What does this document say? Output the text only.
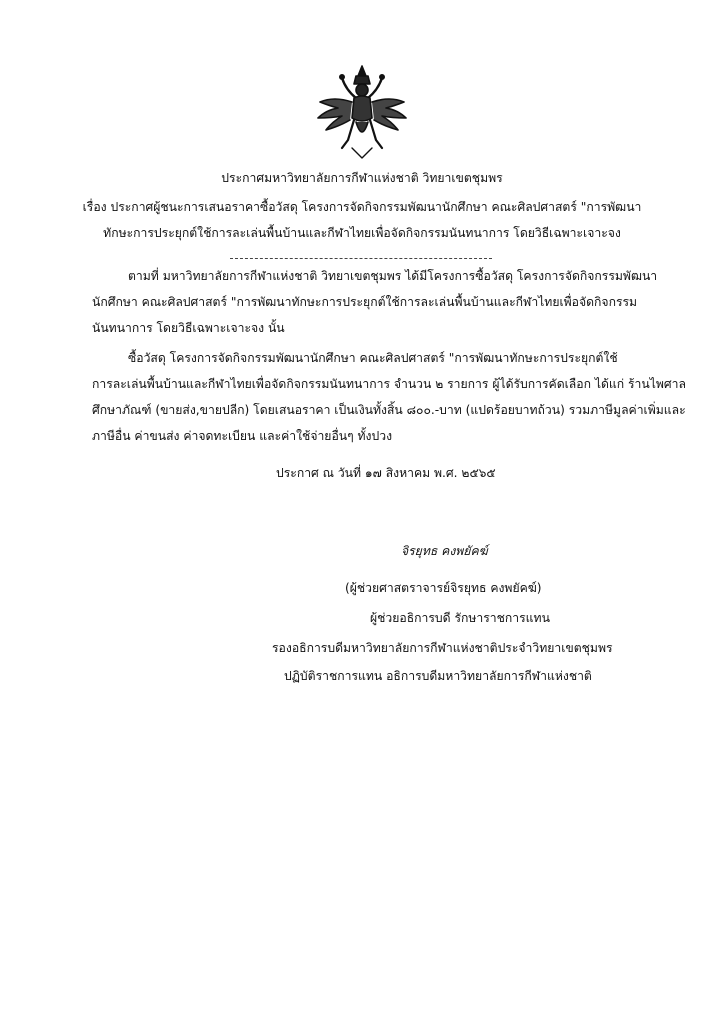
ประกาศมหาวิทยาลัยการกีฬาแห่งชาติ วิทยาเขตชุมพร
เรื่อง ประกาศผู้ชนะการเสนอราคาซื้อวัสดุ โครงการจัดกิจกรรมพัฒนานักศึกษา คณะศิลปศาสตร์ "การพัฒนา
ทักษะการประยุกต์ใช้การละเล่นพื้นบ้านและกีฬาไทยเพื่อจัดกิจกรรมนันทนาการ โดยวิธีเฉพาะเจาะจง
ตามที่ มหาวิทยาลัยการกีฬาแห่งชาติ วิทยาเขตชุมพร ได้มีโครงการซื้อวัสดุ โครงการจัดกิจกรรมพัฒนา
นักศึกษา คณะศิลปศาสตร์ "การพัฒนาทักษะการประยุกต์ใช้การละเล่นพื้นบ้านและกีฬาไทยเพื่อจัดกิจกรรม
นันทนาการ โดยวิธีเฉพาะเจาะจง นั้น
ซื้อวัสดุ โครงการจัดกิจกรรมพัฒนานักศึกษา คณะศิลปศาสตร์ "การพัฒนาทักษะการประยุกต์ใช้
การละเล่นพื้นบ้านและกีฬาไทยเพื่อจัดกิจกรรมนันทนาการ จำนวน ๒ รายการ ผู้ได้รับการคัดเลือก ได้แก่ ร้านไพศาล
ศึกษาภัณฑ์ (ขายส่ง,ขายปลีก) โดยเสนอราคา เป็นเงินทั้งสิ้น ๘๐๐.-บาท (แปดร้อยบาทถ้วน) รวมภาษีมูลค่าเพิ่มและ
ภาษีอื่น ค่าขนส่ง ค่าจดทะเบียน และค่าใช้จ่ายอื่นๆ ทั้งปวง
ประกาศ ณ วันที่ ๑๗ สิงหาคม พ.ศ. ๒๕๖๕
จิรยุทธ คงพยัคฆ์
(ผู้ช่วยศาสตราจารย์จิรยุทธ คงพยัคฆ์)
ผู้ช่วยอธิการบดี รักษาราชการแทน
รองอธิการบดีมหาวิทยาลัยการกีฬาแห่งชาติประจำวิทยาเขตชุมพร
ปฏิบัติราชการแทน อธิการบดีมหาวิทยาลัยการกีฬาแห่งชาติ
